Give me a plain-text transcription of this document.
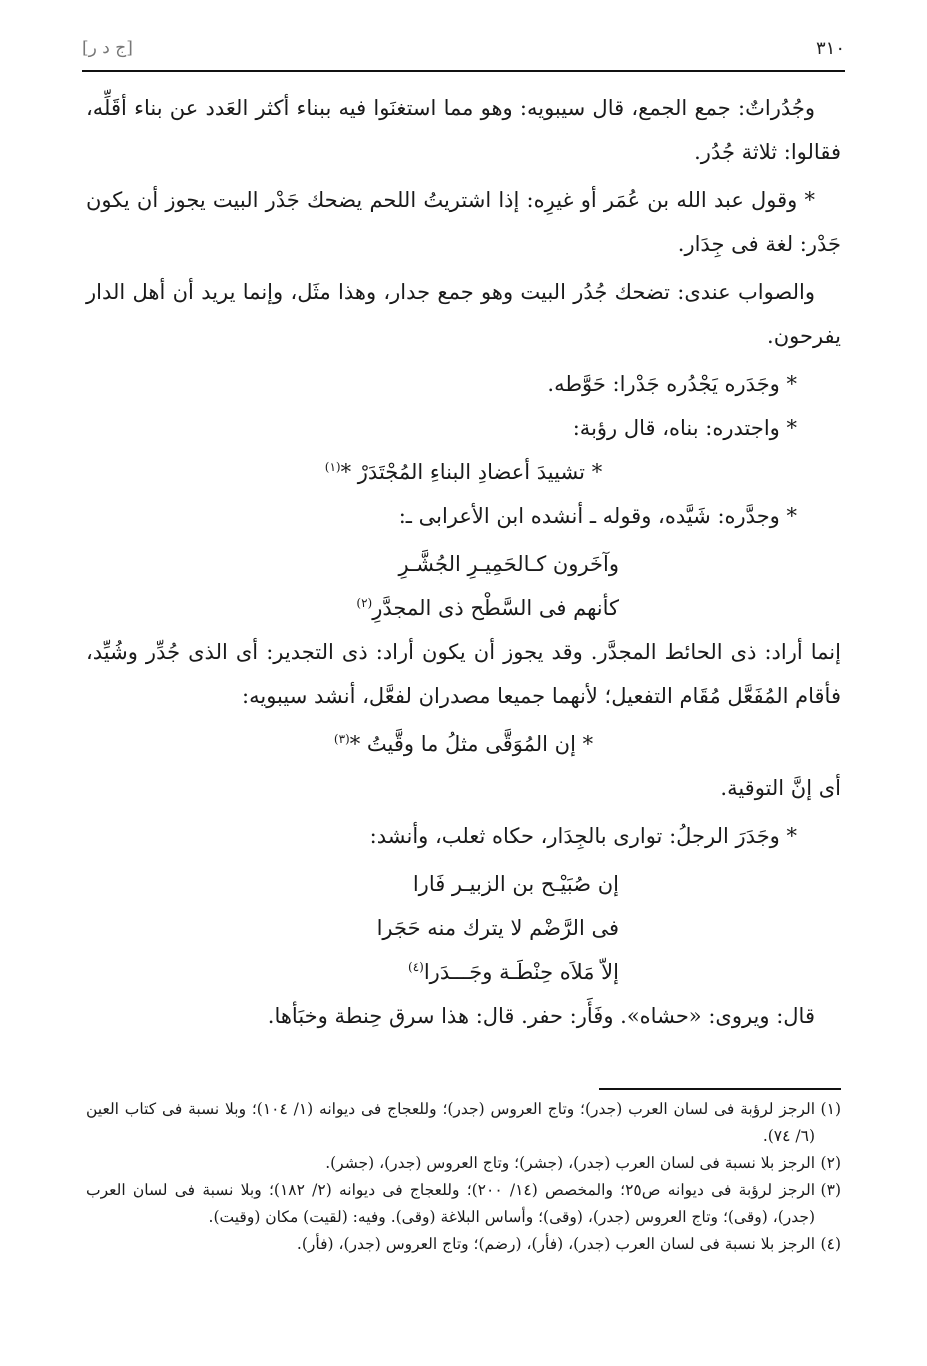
[ج د ر]	٣١٠

وجُدُراتٌ: جمع الجمع، قال سيبويه: وهو مما استغنَوا فيه ببناء أكثر العَدد عن بناء أقَلِّه، فقالوا: ثلاثة جُدُر.

* وقول عبد الله بن عُمَر أو غيرِه: إذا اشتريتُ اللحم يضحك جَدْر البيت يجوز أن يكون جَدْر: لغة فى جِدَار.

والصواب عندى: تضحك جُدُر البيت وهو جمع جدار، وهذا مثَل، وإنما يريد أن أهل الدار يفرحون.

* وجَدَره يَجْدُره جَدْرا: حَوَّطه.

* واجتدره: بناه، قال رؤبة:

* تشييدَ أعضادِ البناءِ المُجْتَدَرْ *$^{(١)}$

* وجدَّره: شَيَّده، وقوله ـ أنشده ابن الأعرابى ـ:

وآخَرون كـالحَمِيـرِ الجُشَّـرِ

كأنهم فى السَّطْح ذى المجدَّرِ$^{(٢)}$

إنما أراد: ذى الحائط المجدَّر. وقد يجوز أن يكون أراد: ذى التجدير: أى الذى جُدِّر وشُيِّد، فأقام المُفَعَّل مُقَام التفعيل؛ لأنهما جميعا مصدران لفعَّل، أنشد سيبويه:

* إن المُوَقَّى مثلُ ما وقَّيتُ *$^{(٣)}$

أى إنَّ التوقية.

* وجَدَرَ الرجلُ: توارى بالجِدَار، حكاه ثعلب، وأنشد:

إن صُبَيْـح بن الزبيـر فَارا

فى الرَّضْم لا يترك منه حَجَرا

إلاّ مَلاَه حِنْطَـة وجَـــدَرا$^{(٤)}$

قال: ويروى: «حشاه». وفَأَر: حفر. قال: هذا سرق حِنطة وخبَأها.

(١)الرجز لرؤبة فى لسان العرب (جدر)؛ وتاج العروس (جدر)؛ وللعجاج فى ديوانه (١/ ١٠٤)؛ وبلا نسبة فى كتاب العين (٦/ ٧٤).

(٢)الرجز بلا نسبة فى لسان العرب (جدر)، (جشر)؛ وتاج العروس (جدر)، (جشر).

(٣)الرجز لرؤبة فى ديوانه ص٢٥؛ والمخصص (١٤/ ٢٠٠)؛ وللعجاج فى ديوانه (٢/ ١٨٢)؛ وبلا نسبة فى لسان العرب (جدر)، (وقى)؛ وتاج العروس (جدر)، (وقى)؛ وأساس البلاغة (وقى). وفيه: (لقيت) مكان (وقيت).

(٤)الرجز بلا نسبة فى لسان العرب (جدر)، (فأر)، (رضم)؛ وتاج العروس (جدر)، (فأر).
